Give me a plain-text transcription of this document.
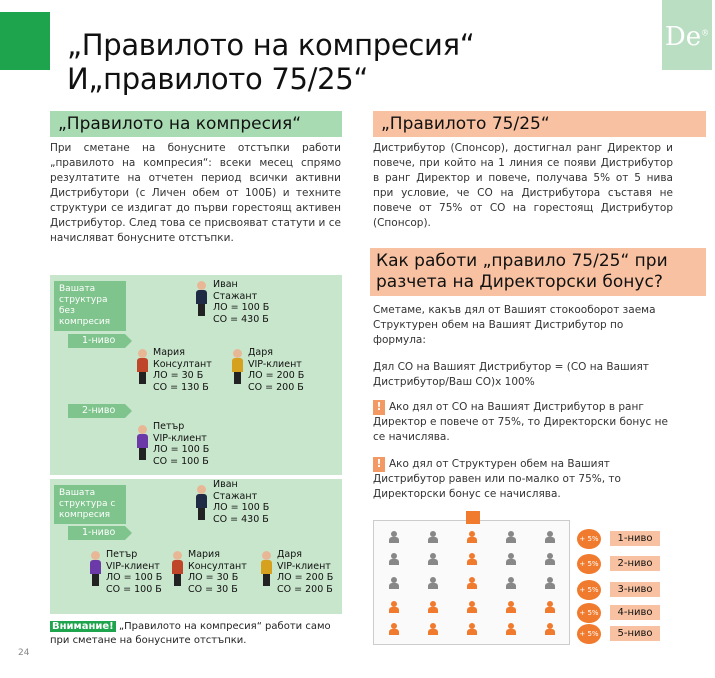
„Правилото на компресия“
И„правилото 75/25“
De®
„Правилото на компресия“
При сметане на бонусните отстъпки работи „правилото на компресия“: всеки месец спрямо резултатите на отчетен период всички активни Дистрибутори (с Личен обем от 100Б) и техните структури се издигат до първи горестоящ активен Дистрибутор. След това се присвояват статути и се начисляват бонусните отстъпки.
Вашата структура без компресия
1-ниво
2-ниво
Иван
Стажант
ЛО = 100 Б
СО = 430 Б
Мария
Консултант
ЛО = 30 Б
СО = 130 Б
Даря
VIP-клиент
ЛО = 200 Б
СО = 200 Б
Петър
VIP-клиент
ЛО = 100 Б
СО = 100 Б
Вашата структура с компресия
1-ниво
Иван
Стажант
ЛО = 100 Б
СО = 430 Б
Петър
VIP-клиент
ЛО = 100 Б
СО = 100 Б
Мария
Консултант
ЛО = 30 Б
СО = 30 Б
Даря
VIP-клиент
ЛО = 200 Б
СО = 200 Б
Внимание! „Правилото на компресия“ работи само при сметане на бонусните отстъпки.
„Правилото 75/25“
Дистрибутор (Спонсор), достигнал ранг Директор и повече, при който на 1 линия се появи Дистрибутор в ранг Директор и повече, получава 5% от 5 нива при условие, че СО на Дистрибутора съставя не повече от 75% от СО на горестоящ Дистрибутор (Спонсор).
Как работи „правило 75/25“ при разчета на Директорски бонус?
Сметаме, какъв дял от Вашият стокооборот заема Структурен обем на Вашият Дистрибутор по формула:
Дял СО на Вашият Дистрибутор = (СО на Вашият Дистрибутор/Ваш СО)x 100%
! Ако дял от СО на Вашият Дистрибутор в ранг Директор е повече от 75%, то Директорски бонус не се начислява.
! Ако дял от Структурен обем на Вашият Дистрибутор равен или по-малко от 75%, то Директорски бонус се начислява.
+ 5%	1-ниво
+ 5%	2-ниво
+ 5%	3-ниво
+ 5%	4-ниво
+ 5%	5-ниво
24
